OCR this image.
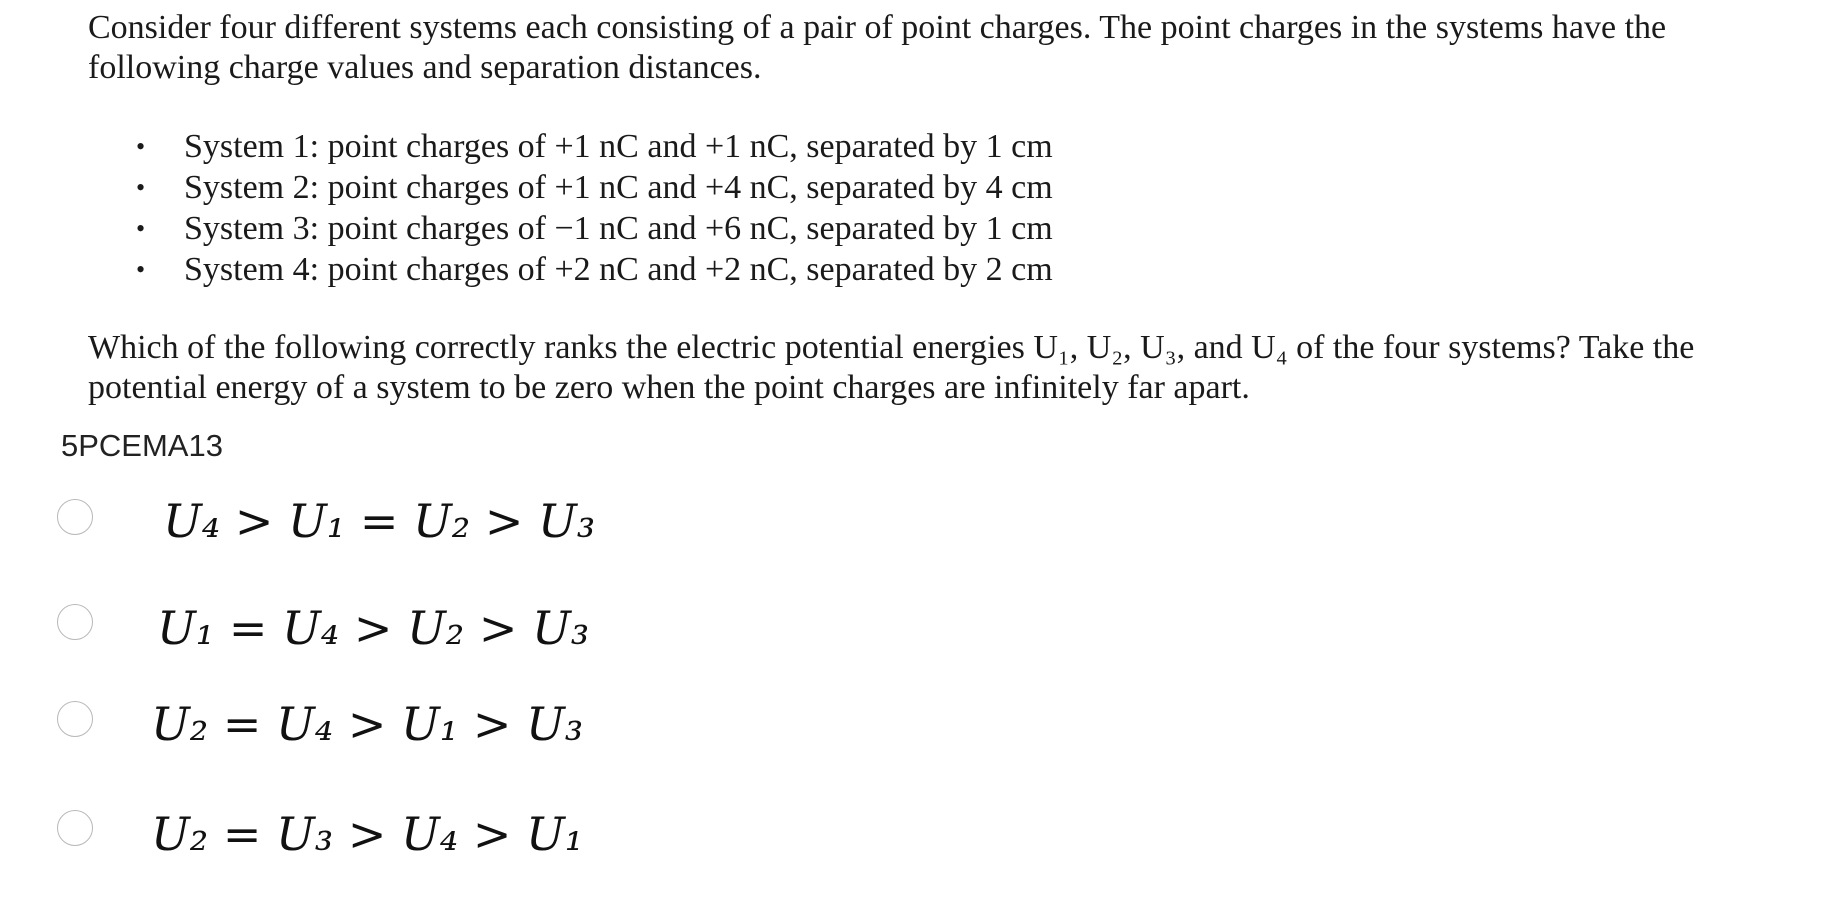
Consider four different systems each consisting of a pair of point charges. The point charges in the systems have the following charge values and separation distances.

• System 1: point charges of +1 nC and +1 nC, separated by 1 cm
• System 2: point charges of +1 nC and +4 nC, separated by 4 cm
• System 3: point charges of −1 nC and +6 nC, separated by 1 cm
• System 4: point charges of +2 nC and +2 nC, separated by 2 cm

Which of the following correctly ranks the electric potential energies U₁, U₂, U₃, and U₄ of the four systems? Take the potential energy of a system to be zero when the point charges are infinitely far apart.

5PCEMA13
U₄ > U₁ = U₂ > U₃
U₁ = U₄ > U₂ > U₃
U₂ = U₄ > U₁ > U₃
U₂ = U₃ > U₄ > U₁
